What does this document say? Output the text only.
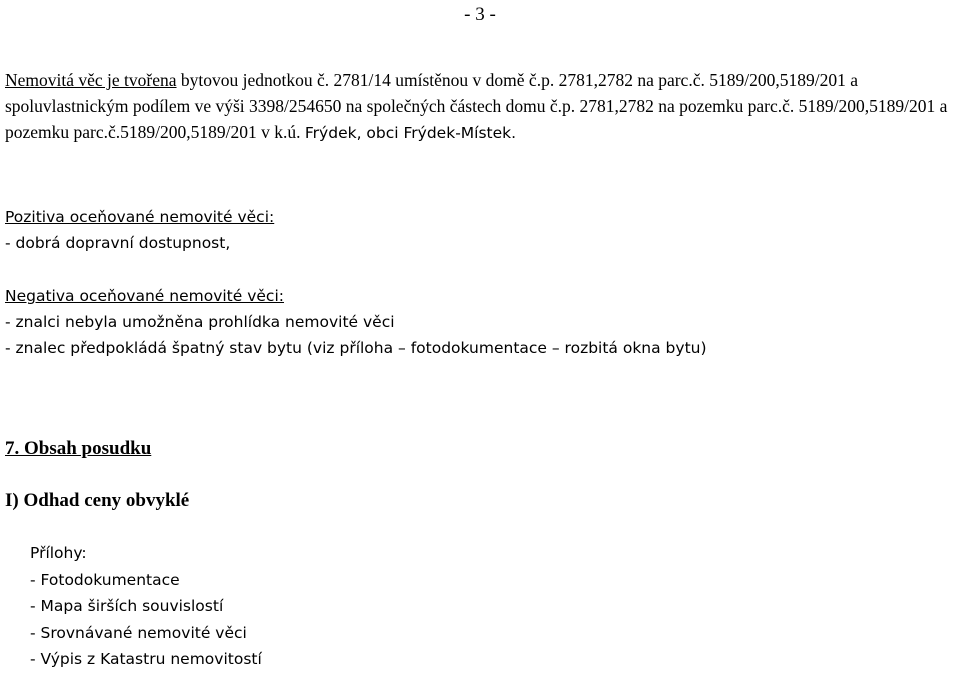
- 3 -

Nemovitá věc je tvořena bytovou jednotkou č. 2781/14 umístěnou v domě č.p. 2781,2782 na parc.č. 5189/200,5189/201 a spoluvlastnickým podílem ve výši 3398/254650 na společných částech domu č.p. 2781,2782 na pozemku parc.č. 5189/200,5189/201 a pozemku parc.č.5189/200,5189/201 v k.ú. Frýdek, obci Frýdek-Místek.

Pozitiva oceňované nemovité věci:
- dobrá dopravní dostupnost,
Negativa oceňované nemovité věci:
- znalci nebyla umožněna prohlídka nemovité věci
- znalec předpokládá špatný stav bytu (viz příloha – fotodokumentace – rozbitá okna bytu)
7. Obsah posudku
I) Odhad ceny obvyklé
Přílohy:
- Fotodokumentace
- Mapa širších souvislostí
- Srovnávané nemovité věci
- Výpis z Katastru nemovitostí
